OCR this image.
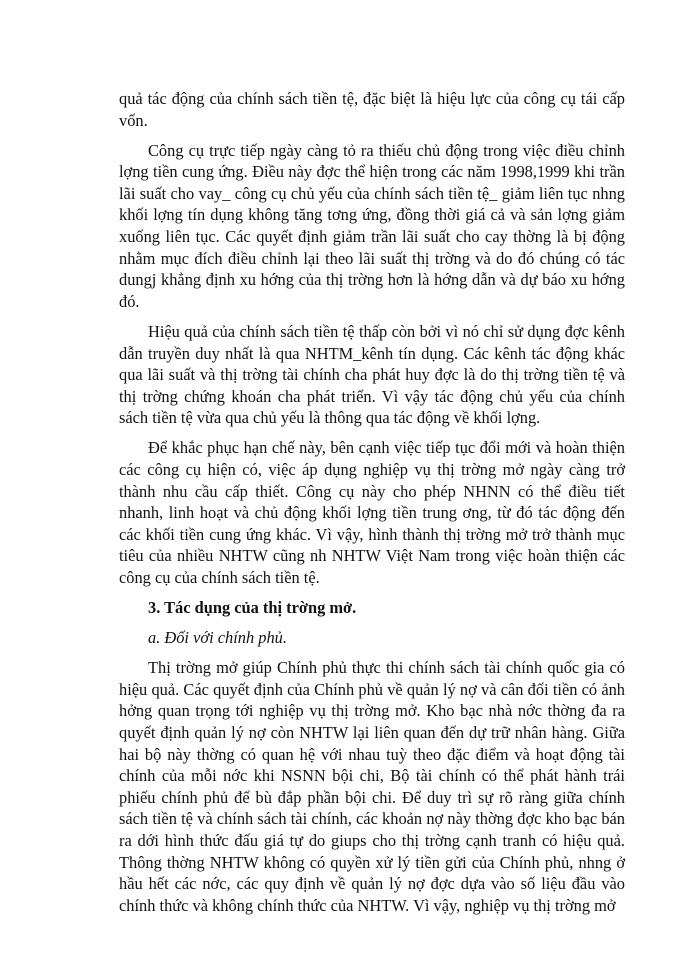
quả tác động của chính sách tiền tệ, đặc biệt là hiệu lực của công cụ tái cấp vốn.

Công cụ trực tiếp ngày càng tỏ ra thiếu chủ động trong việc điều chỉnh lợng tiền cung ứng. Điều này đợc thể hiện trong các năm 1998,1999 khi trần lãi suất cho vay_ công cụ chủ yếu của chính sách tiền tệ_ giảm liên tục nhng khối lợng tín dụng không tăng tơng ứng, đồng thời giá cả và sản lợng giảm xuống liên tục. Các quyết định giảm trần lãi suất cho cay thờng là bị động nhằm mục đích điều chỉnh lại theo lãi suất thị trờng và do đó chúng có tác dungj khẳng định xu hớng của thị trờng hơn là hớng dẫn và dự báo xu hớng đó.

Hiệu quả của chính sách tiền tệ thấp còn bởi vì nó chỉ sử dụng đợc kênh dẫn truyền duy nhất là qua NHTM_kênh tín dụng. Các kênh tác động khác qua lãi suất và thị trờng tài chính cha phát huy đợc là do thị trờng tiền tệ và thị trờng chứng khoán cha phát triển. Vì vậy tác động chủ yếu của chính sách tiền tệ vừa qua chủ yếu là thông qua tác động về khối lợng.

Để khắc phục hạn chế này, bên cạnh việc tiếp tục đổi mới và hoàn thiện các công cụ hiện có, việc áp dụng nghiệp vụ thị trờng mở ngày càng trở thành nhu cầu cấp thiết. Công cụ này cho phép NHNN có thể điều tiết nhanh, linh hoạt và chủ động khối lợng tiền trung ơng, từ đó tác động đến các khối tiền cung ứng khác. Vì vậy, hình thành thị trờng mở trở thành mục tiêu của nhiều NHTW cũng nh NHTW Việt Nam trong việc hoàn thiện các công cụ của chính sách tiền tệ.

3. Tác dụng của thị trờng mở.

a. Đối với chính phủ.

Thị trờng mở giúp Chính phủ thực thi chính sách tài chính quốc gia có hiệu quả. Các quyết định của Chính phủ về quản lý nợ và cân đối tiền có ảnh hởng quan trọng tới nghiệp vụ thị trờng mở. Kho bạc nhà nớc thờng đa ra quyết định quản lý nợ còn NHTW lại liên quan đến dự trữ nhân hàng. Giữa hai bộ này thờng có quan hệ với nhau tuỳ theo đặc điểm và hoạt động tài chính của mỗi nớc khi NSNN bội chi, Bộ tài chính có thể phát hành trái phiếu chính phủ để bù đắp phần bội chi. Để duy trì sự rõ ràng giữa chính sách tiền tệ và chính sách tài chính, các khoản nợ này thờng đợc kho bạc bán ra dới hình thức đấu giá tự do giups cho thị trờng cạnh tranh có hiệu quả. Thông thờng NHTW không có quyền xử lý tiền gửi của Chính phủ, nhng ở hầu hết các nớc, các quy định về quản lý nợ đợc dựa vào số liệu đầu vào chính thức và không chính thức của NHTW. Vì vậy, nghiệp vụ thị trờng mở
